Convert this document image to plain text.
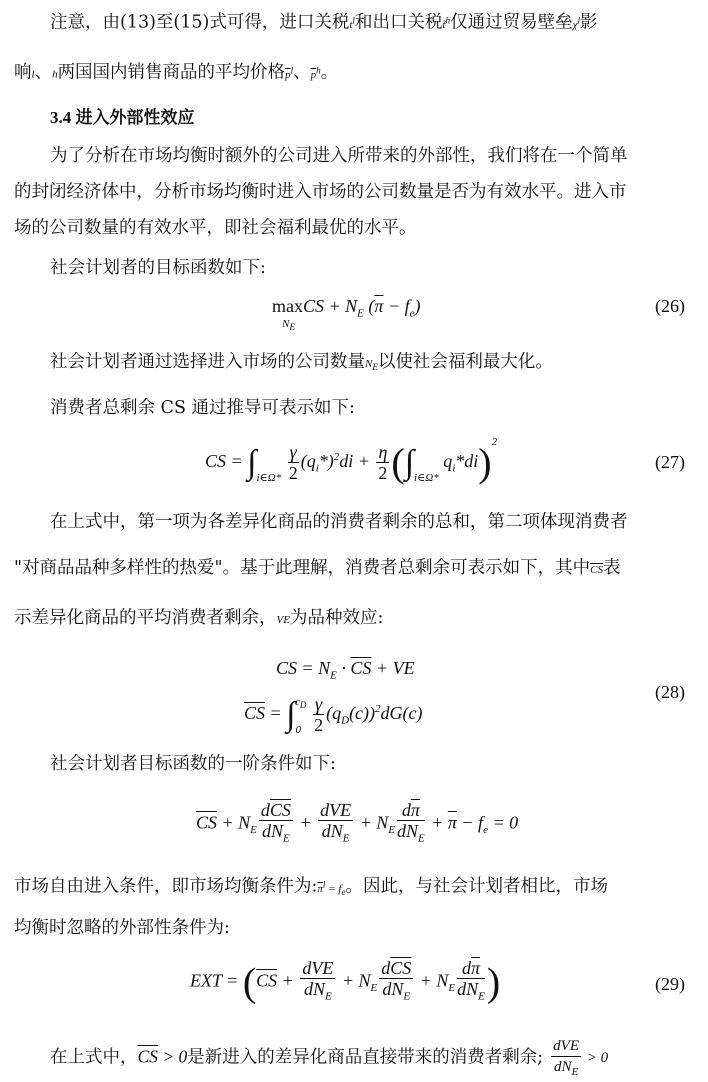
注意，由(13)至(15)式可得，进口关税$t^l$和出口关税t̃$^h$仅通过贸易壁垒$\chi^l$影
响l、h两国国内销售商品的平均价格$\overline{p}^l$、$\overline{p}^h$。
3.4 进入外部性效应
为了分析在市场均衡时额外的公司进入所带来的外部性，我们将在一个简单
的封闭经济体中，分析市场均衡时进入市场的公司数量是否为有效水平。进入市
场的公司数量的有效水平，即社会福利最优的水平。
社会计划者的目标函数如下:
maxCS + $N_E$ $(\overline{\pi} - f_e)$
$N_E$
(26)
社会计划者通过选择进入市场的公司数量$N_E$以使社会福利最大化。
消费者总剩余 CS 通过推导可表示如下:
CS = $\int_{i\in\Omega*} \frac{\gamma}{2} (q_i*)^2di + \frac{\eta}{2} (\int_{i\in\Omega*}$ $q_i*di)^2$
(27)
在上式中，第一项为各差异化商品的消费者剩余的总和，第二项体现消费者
"对商品品种多样性的热爱"。基于此理解，消费者总剩余可表示如下，其中$\overline{CS}$表
示差异化商品的平均消费者剩余，VE为品种效应:
CS = $N_E \cdot \overline{CS}$ + VE
$\overline{CS} = \int_0^{c_D} \frac{\gamma}{2} (q_D(c))^2dG(c)$
(28)
社会计划者目标函数的一阶条件如下:
$\overline{CS} + N_E \frac{d\overline{CS}}{dN_E} + \frac{\text{dVE}}{dN_E} + N_E \frac{d\overline{\pi}}{dN_E} + \overline{\pi} - f_e = 0$
市场自由进入条件，即市场均衡条件为$:\overline{\pi}^l = f_e$。因此，与社会计划者相比，市场
均衡时忽略的外部性条件为:
EXT = ($\overline{CS} + \frac{\text{dVE}}{dN_E} + N_E \frac{d\overline{CS}}{dN_E} + N_E \frac{d\overline{\pi}}{dN_E}$ )	(29)
在上式中，$\overline{CS} > 0$是新进入的差异化商品直接带来的消费者剩余; $\frac{\text{dVE}}{dN_E} > 0$
